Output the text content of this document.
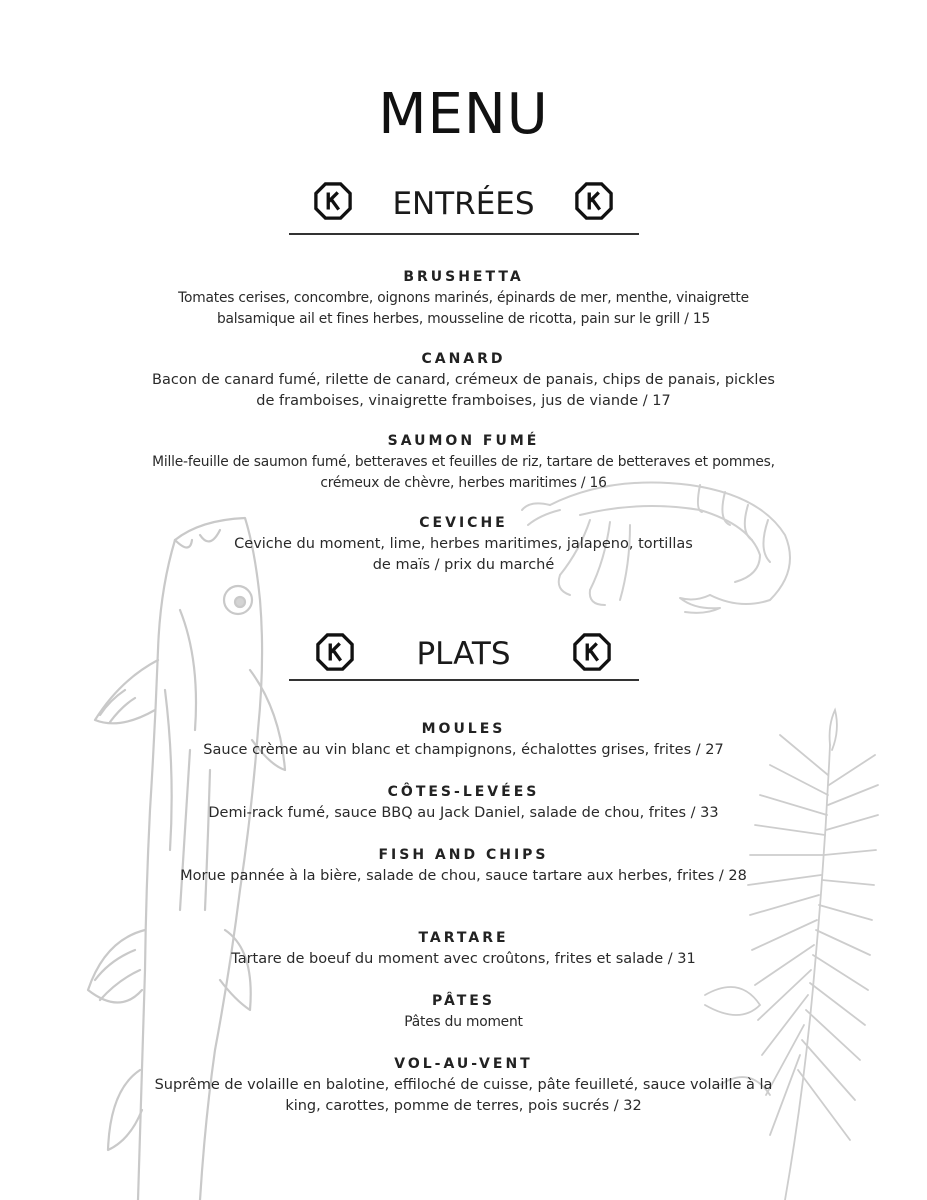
MENU
ENTRÉES
BRUSHETTA
Tomates cerises, concombre, oignons marinés, épinards de mer, menthe, vinaigrette balsamique ail et fines herbes, mousseline de ricotta, pain sur le grill / 15
CANARD
Bacon de canard fumé, rilette de canard, crémeux de panais, chips de panais, pickles de framboises, vinaigrette framboises, jus de viande / 17
SAUMON FUMÉ
Mille-feuille de saumon fumé, betteraves et feuilles de riz, tartare de betteraves et pommes, crémeux de chèvre, herbes maritimes / 16
CEVICHE
Ceviche du moment, lime, herbes maritimes, jalapeno, tortillas de maïs / prix du marché
PLATS
MOULES
Sauce crème au vin blanc et champignons, échalottes grises, frites / 27
CÔTES-LEVÉES
Demi-rack fumé, sauce BBQ au Jack Daniel, salade de chou, frites / 33
FISH AND CHIPS
Morue pannée à la bière, salade de chou, sauce tartare aux herbes, frites / 28
TARTARE
Tartare de boeuf du moment avec croûtons, frites et salade / 31
PÂTES
Pâtes du moment
VOL-AU-VENT
Suprême de volaille en balotine, effiloché de cuisse, pâte feuilleté, sauce volaille à la king, carottes, pomme de terres, pois sucrés / 32
